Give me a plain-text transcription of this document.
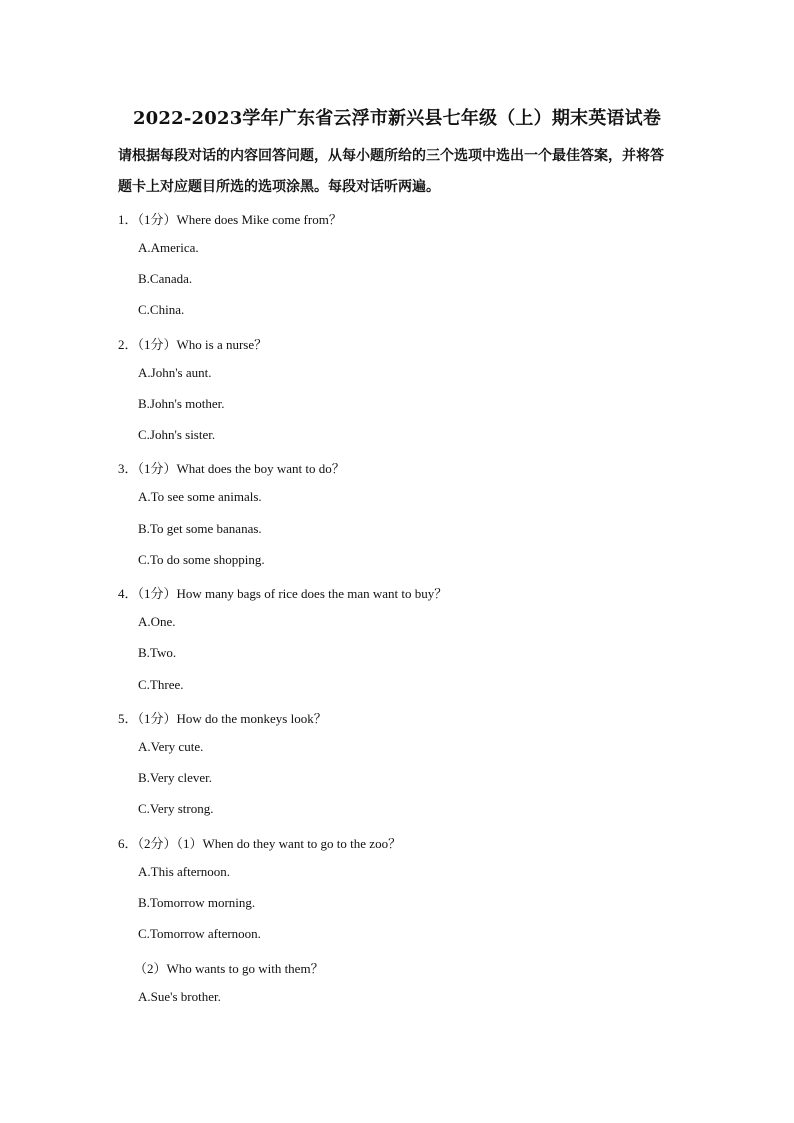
2022-2023学年广东省云浮市新兴县七年级（上）期末英语试卷
请根据每段对话的内容回答问题，从每小题所给的三个选项中选出一个最佳答案，并将答
题卡上对应题目所选的选项涂黑。每段对话听两遍。
1．（1分）Where does Mike come from？
A.America.
B.Canada.
C.China.
2．（1分）Who is a nurse？
A.John's aunt.
B.John's mother.
C.John's sister.
3．（1分）What does the boy want to do？
A.To see some animals.
B.To get some bananas.
C.To do some shopping.
4．（1分）How many bags of rice does the man want to buy？
A.One.
B.Two.
C.Three.
5．（1分）How do the monkeys look？
A.Very cute.
B.Very clever.
C.Very strong.
6．（2分）（1）When do they want to go to the zoo？
A.This afternoon.
B.Tomorrow morning.
C.Tomorrow afternoon.
（2）Who wants to go with them？
A.Sue's brother.
